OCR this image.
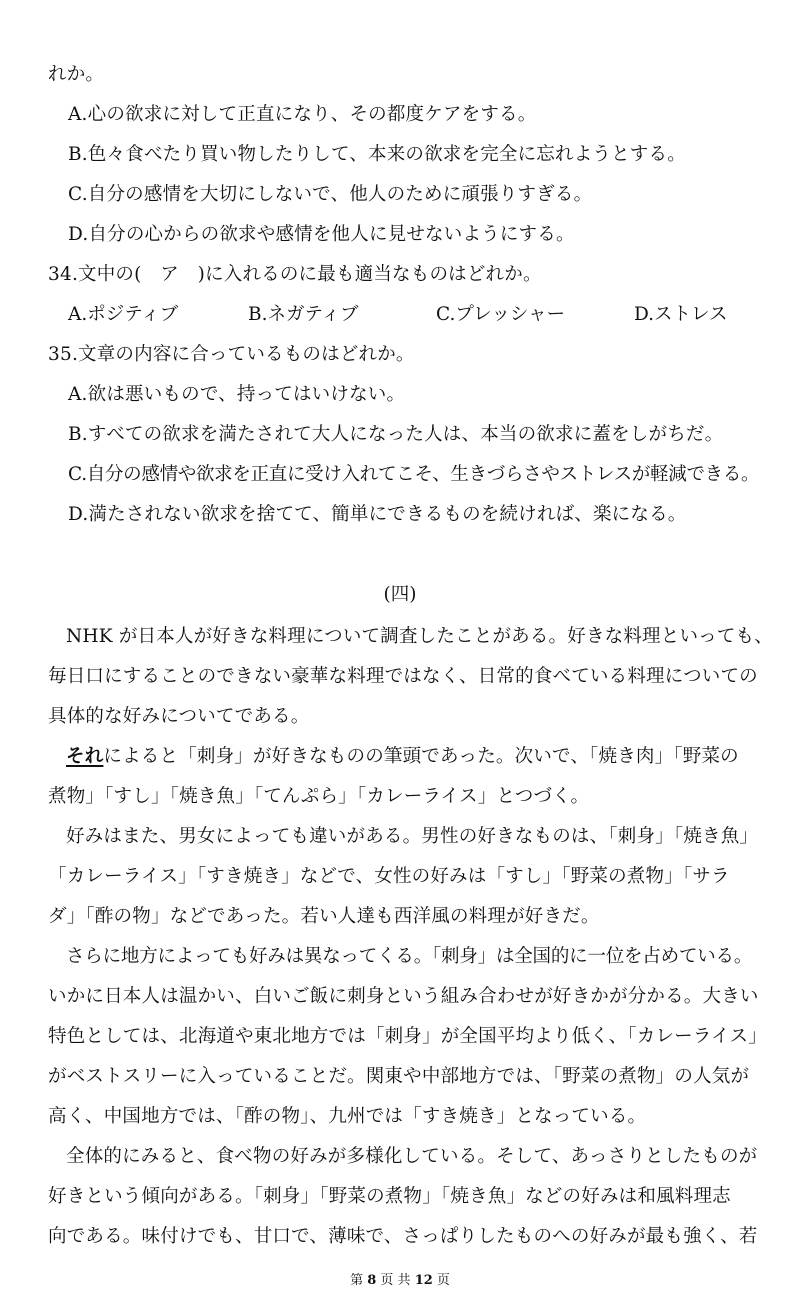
れか。
A.心の欲求に対して正直になり、その都度ケアをする。
B.色々食べたり買い物したりして、本来の欲求を完全に忘れようとする。
C.自分の感情を大切にしないで、他人のために頑張りすぎる。
D.自分の心からの欲求や感情を他人に見せないようにする。
34.文中の(　ア　)に入れるのに最も適当なものはどれか。
A.ポジティブ	B.ネガティブ	C.プレッシャー	D.ストレス
35.文章の内容に合っているものはどれか。
A.欲は悪いもので、持ってはいけない。
B.すべての欲求を満たされて大人になった人は、本当の欲求に蓋をしがちだ。
C.自分の感情や欲求を正直に受け入れてこそ、生きづらさやストレスが軽減できる。
D.満たされない欲求を捨てて、簡単にできるものを続ければ、楽になる。
(四)
NHK が日本人が好きな料理について調査したことがある。好きな料理といっても、
毎日口にすることのできない豪華な料理ではなく、日常的食べている料理についての
具体的な好みについてである。
それによると「刺身」が好きなものの筆頭であった。次いで、「焼き肉」「野菜の
煮物」「すし」「焼き魚」「てんぷら」「カレーライス」とつづく。
好みはまた、男女によっても違いがある。男性の好きなものは、「刺身」「焼き魚」
「カレーライス」「すき焼き」などで、女性の好みは「すし」「野菜の煮物」「サラ
ダ」「酢の物」などであった。若い人達も西洋風の料理が好きだ。
さらに地方によっても好みは異なってくる。「刺身」は全国的に一位を占めている。
いかに日本人は温かい、白いご飯に刺身という組み合わせが好きかが分かる。大きい
特色としては、北海道や東北地方では「刺身」が全国平均より低く、「カレーライス」
がベストスリーに入っていることだ。関東や中部地方では、「野菜の煮物」の人気が
高く、中国地方では、「酢の物」、九州では「すき焼き」となっている。
全体的にみると、食べ物の好みが多様化している。そして、あっさりとしたものが
好きという傾向がある。「刺身」「野菜の煮物」「焼き魚」などの好みは和風料理志
向である。味付けでも、甘口で、薄味で、さっぱりしたものへの好みが最も強く、若
第 8 页 共 12 页
